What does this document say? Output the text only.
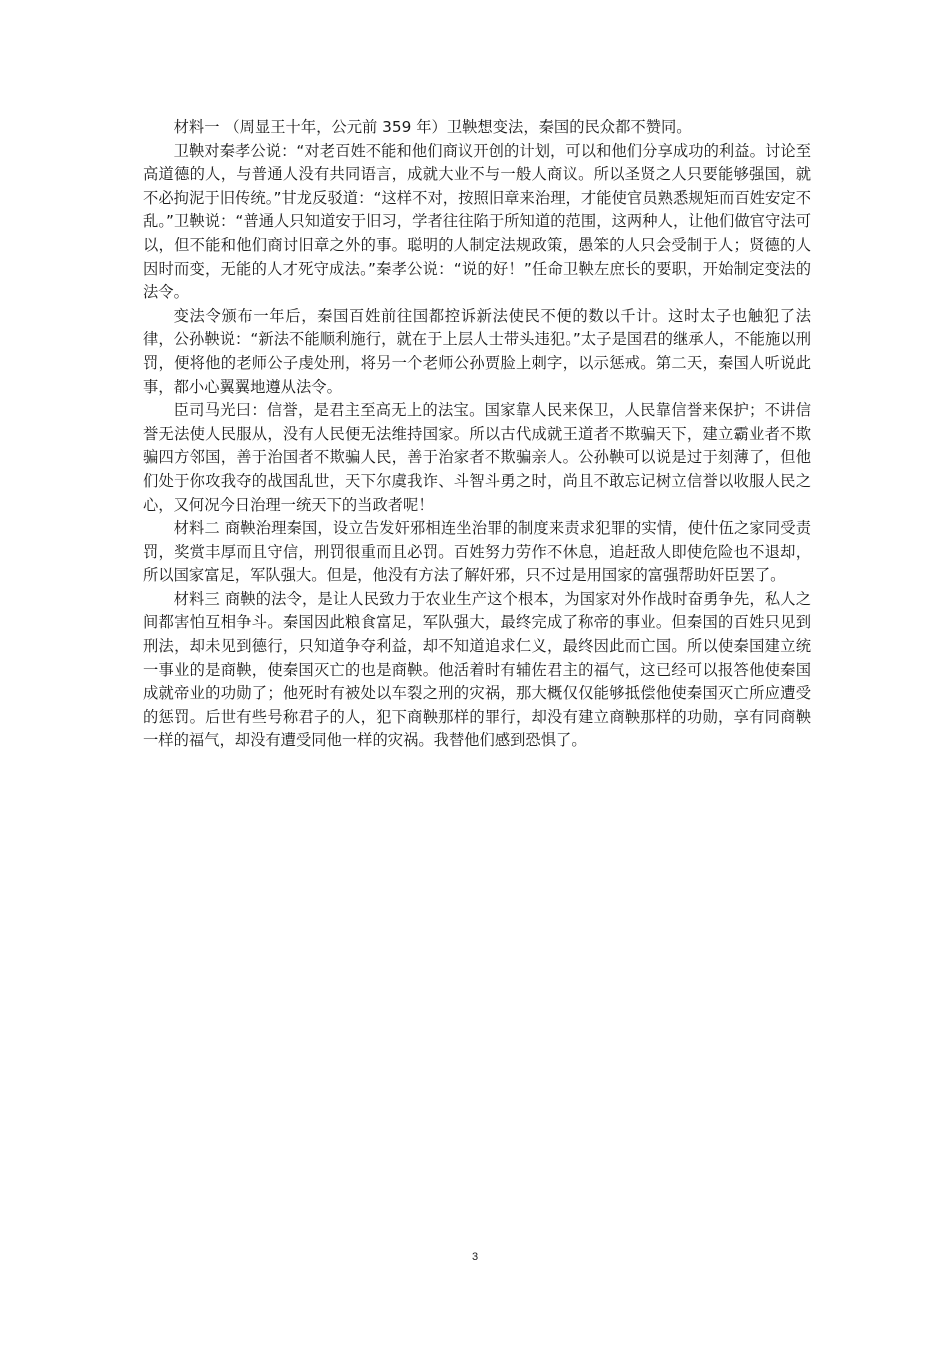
材料一 （周显王十年，公元前 359 年）卫鞅想变法，秦国的民众都不赞同。

卫鞅对秦孝公说：“对老百姓不能和他们商议开创的计划，可以和他们分享成功的利益。讨论至高道德的人，与普通人没有共同语言，成就大业不与一般人商议。所以圣贤之人只要能够强国，就不必拘泥于旧传统。”甘龙反驳道：“这样不对，按照旧章来治理，才能使官员熟悉规矩而百姓安定不乱。”卫鞅说：“普通人只知道安于旧习，学者往往陷于所知道的范围，这两种人，让他们做官守法可以，但不能和他们商讨旧章之外的事。聪明的人制定法规政策，愚笨的人只会受制于人；贤德的人因时而变，无能的人才死守成法。”秦孝公说：“说的好！”任命卫鞅左庶长的要职，开始制定变法的法令。

变法令颁布一年后，秦国百姓前往国都控诉新法使民不便的数以千计。这时太子也触犯了法律，公孙鞅说：“新法不能顺利施行，就在于上层人士带头违犯。”太子是国君的继承人，不能施以刑罚，便将他的老师公子虔处刑，将另一个老师公孙贾脸上刺字，以示惩戒。第二天，秦国人听说此事，都小心翼翼地遵从法令。

臣司马光曰：信誉，是君主至高无上的法宝。国家靠人民来保卫，人民靠信誉来保护；不讲信誉无法使人民服从，没有人民便无法维持国家。所以古代成就王道者不欺骗天下，建立霸业者不欺骗四方邻国，善于治国者不欺骗人民，善于治家者不欺骗亲人。公孙鞅可以说是过于刻薄了，但他们处于你攻我夺的战国乱世，天下尔虞我诈、斗智斗勇之时，尚且不敢忘记树立信誉以收服人民之心，又何况今日治理一统天下的当政者呢！

材料二 商鞅治理秦国，设立告发奸邪相连坐治罪的制度来责求犯罪的实情，使什伍之家同受责罚，奖赏丰厚而且守信，刑罚很重而且必罚。百姓努力劳作不休息，追赶敌人即使危险也不退却，所以国家富足，军队强大。但是，他没有方法了解奸邪，只不过是用国家的富强帮助奸臣罢了。

材料三 商鞅的法令，是让人民致力于农业生产这个根本，为国家对外作战时奋勇争先，私人之间都害怕互相争斗。秦国因此粮食富足，军队强大，最终完成了称帝的事业。但秦国的百姓只见到刑法，却未见到德行，只知道争夺利益，却不知道追求仁义，最终因此而亡国。所以使秦国建立统一事业的是商鞅，使秦国灭亡的也是商鞅。他活着时有辅佐君主的福气，这已经可以报答他使秦国成就帝业的功勋了；他死时有被处以车裂之刑的灾祸，那大概仅仅能够抵偿他使秦国灭亡所应遭受的惩罚。后世有些号称君子的人，犯下商鞅那样的罪行，却没有建立商鞅那样的功勋，享有同商鞅一样的福气，却没有遭受同他一样的灾祸。我替他们感到恐惧了。

3
